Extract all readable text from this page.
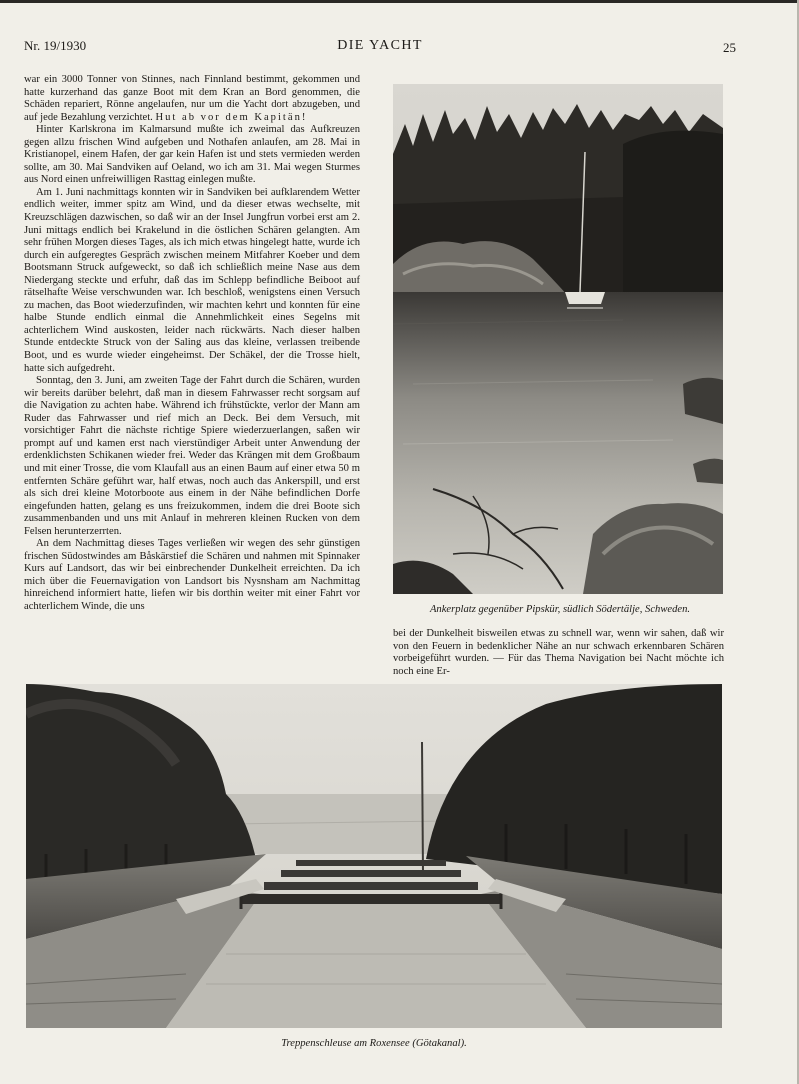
Nr. 19/1930	DIE YACHT	25

war ein 3000 Tonner von Stinnes, nach Finnland bestimmt, gekommen und hatte kurzerhand das ganze Boot mit dem Kran an Bord genommen, die Schäden repariert, Rönne angelaufen, nur um die Yacht dort abzugeben, und auf jede Bezahlung verzichtet. Hut ab vor dem Kapitän!

Hinter Karlskrona im Kalmarsund mußte ich zweimal das Aufkreuzen gegen allzu frischen Wind aufgeben und Nothafen anlaufen, am 28. Mai in Kristianopel, einem Hafen, der gar kein Hafen ist und stets vermieden werden sollte, am 30. Mai Sandviken auf Oeland, wo ich am 31. Mai wegen Sturmes aus Nord einen unfreiwilligen Rasttag einlegen mußte.

Am 1. Juni nachmittags konnten wir in Sandviken bei aufklarendem Wetter endlich weiter, immer spitz am Wind, und da dieser etwas wechselte, mit Kreuzschlägen dazwischen, so daß wir an der Insel Jungfrun vorbei erst am 2. Juni mittags endlich bei Krakelund in die östlichen Schären gelangten. Am sehr frühen Morgen dieses Tages, als ich mich etwas hingelegt hatte, wurde ich durch ein aufgeregtes Gespräch zwischen meinem Mitfahrer Koeber und dem Bootsmann Struck aufgeweckt, so daß ich schließlich meine Nase aus dem Niedergang steckte und erfuhr, daß das im Schlepp befindliche Beiboot auf rätselhafte Weise verschwunden war. Ich beschloß, wenigstens einen Versuch zu machen, das Boot wiederzufinden, wir machten kehrt und konnten für eine halbe Stunde endlich einmal die Annehmlichkeit eines Segelns mit achterlichem Wind auskosten, leider nach rückwärts. Nach dieser halben Stunde entdeckte Struck von der Saling aus das kleine, verlassen treibende Boot, und es wurde wieder eingeheimst. Der Schäkel, der die Trosse hielt, hatte sich aufgedreht.

Sonntag, den 3. Juni, am zweiten Tage der Fahrt durch die Schären, wurden wir bereits darüber belehrt, daß man in diesem Fahrwasser recht sorgsam auf die Navigation zu achten habe. Während ich frühstückte, verlor der Mann am Ruder das Fahrwasser und rief mich an Deck. Bei dem Versuch, mit vorsichtiger Fahrt die nächste richtige Spiere wiederzuerlangen, saßen wir prompt auf und kamen erst nach vierstündiger Arbeit unter Anwendung der erdenklichsten Schikanen wieder frei. Weder das Krängen mit dem Großbaum und mit einer Trosse, die vom Klaufall aus an einen Baum auf einer etwa 50 m entfernten Schäre geführt war, half etwas, noch auch das Ankerspill, und erst als sich drei kleine Motorboote aus einem in der Nähe befindlichen Dorfe eingefunden hatten, gelang es uns freizukommen, indem die drei Boote sich zusammenbanden und uns mit Anlauf in mehreren kleinen Rucken von dem Felsen herunterzerrten.

An dem Nachmittag dieses Tages verließen wir wegen des sehr günstigen frischen Südostwindes am Båskärstief die Schären und nahmen mit Spinnaker Kurs auf Landsort, das wir bei einbrechender Dunkelheit erreichten. Da ich mich über die Feuernavigation von Landsort bis Nysnsham am Nachmittag hinreichend informiert hatte, liefen wir bis dorthin weiter mit einer Fahrt vor achterlichem Winde, die uns	Ankerplatz gegenüber Pipskür, südlich Södertälje, Schweden.

bei der Dunkelheit bisweilen etwas zu schnell war, wenn wir sahen, daß wir von den Feuern in bedenklicher Nähe an nur schwach erkennbaren Schären vorbeigeführt wurden. — Für das Thema Navigation bei Nacht möchte ich noch eine Er-

Treppenschleuse am Roxensee (Götakanal).
